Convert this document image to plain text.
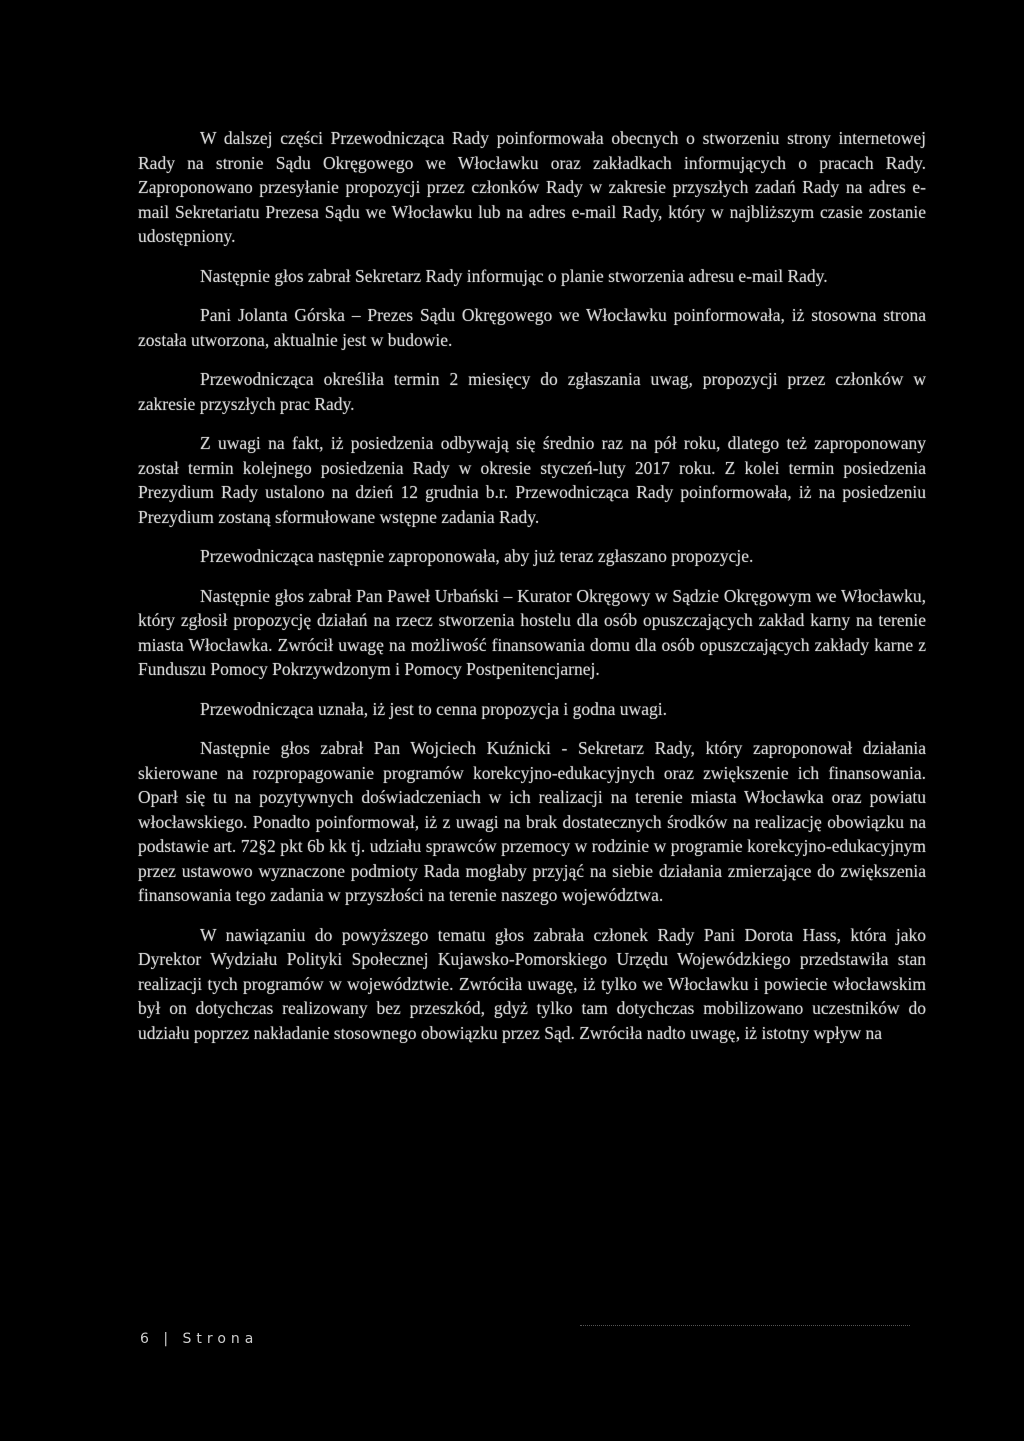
W dalszej części Przewodnicząca Rady poinformowała obecnych o stworzeniu strony internetowej Rady na stronie Sądu Okręgowego we Włocławku oraz zakładkach informujących o pracach Rady. Zaproponowano przesyłanie propozycji przez członków Rady w zakresie przyszłych zadań Rady na adres e-mail Sekretariatu Prezesa Sądu we Włocławku lub na adres e-mail Rady, który w najbliższym czasie zostanie udostępniony.

Następnie głos zabrał Sekretarz Rady informując o planie stworzenia adresu e-mail Rady.

Pani Jolanta Górska – Prezes Sądu Okręgowego we Włocławku poinformowała, iż stosowna strona została utworzona, aktualnie jest w budowie.

Przewodnicząca określiła termin 2 miesięcy do zgłaszania uwag, propozycji przez członków w zakresie przyszłych prac Rady.

Z uwagi na fakt, iż posiedzenia odbywają się średnio raz na pół roku, dlatego też zaproponowany został termin kolejnego posiedzenia Rady w okresie styczeń-luty 2017 roku. Z kolei termin posiedzenia Prezydium Rady ustalono na dzień 12 grudnia b.r. Przewodnicząca Rady poinformowała, iż na posiedzeniu Prezydium zostaną sformułowane wstępne zadania Rady.

Przewodnicząca następnie zaproponowała, aby już teraz zgłaszano propozycje.

Następnie głos zabrał Pan Paweł Urbański – Kurator Okręgowy w Sądzie Okręgowym we Włocławku, który zgłosił propozycję działań na rzecz stworzenia hostelu dla osób opuszczających zakład karny na terenie miasta Włocławka. Zwrócił uwagę na możliwość finansowania domu dla osób opuszczających zakłady karne z Funduszu Pomocy Pokrzywdzonym i Pomocy Postpenitencjarnej.

Przewodnicząca uznała, iż jest to cenna propozycja i godna uwagi.

Następnie głos zabrał Pan Wojciech Kuźnicki - Sekretarz Rady, który zaproponował działania skierowane na rozpropagowanie programów korekcyjno-edukacyjnych oraz zwiększenie ich finansowania. Oparł się tu na pozytywnych doświadczeniach w ich realizacji na terenie miasta Włocławka oraz powiatu włocławskiego. Ponadto poinformował, iż z uwagi na brak dostatecznych środków na realizację obowiązku na podstawie art. 72§2 pkt 6b kk tj. udziału sprawców przemocy w rodzinie w programie korekcyjno-edukacyjnym przez ustawowo wyznaczone podmioty Rada mogłaby przyjąć na siebie działania zmierzające do zwiększenia finansowania tego zadania w przyszłości na terenie naszego województwa.

W nawiązaniu do powyższego tematu głos zabrała członek Rady Pani Dorota Hass, która jako Dyrektor Wydziału Polityki Społecznej Kujawsko-Pomorskiego Urzędu Wojewódzkiego przedstawiła stan realizacji tych programów w województwie. Zwróciła uwagę, iż tylko we Włocławku i powiecie włocławskim był on dotychczas realizowany bez przeszkód, gdyż tylko tam dotychczas mobilizowano uczestników do udziału poprzez nakładanie stosownego obowiązku przez Sąd. Zwróciła nadto uwagę, iż istotny wpływ na

6 | Strona
